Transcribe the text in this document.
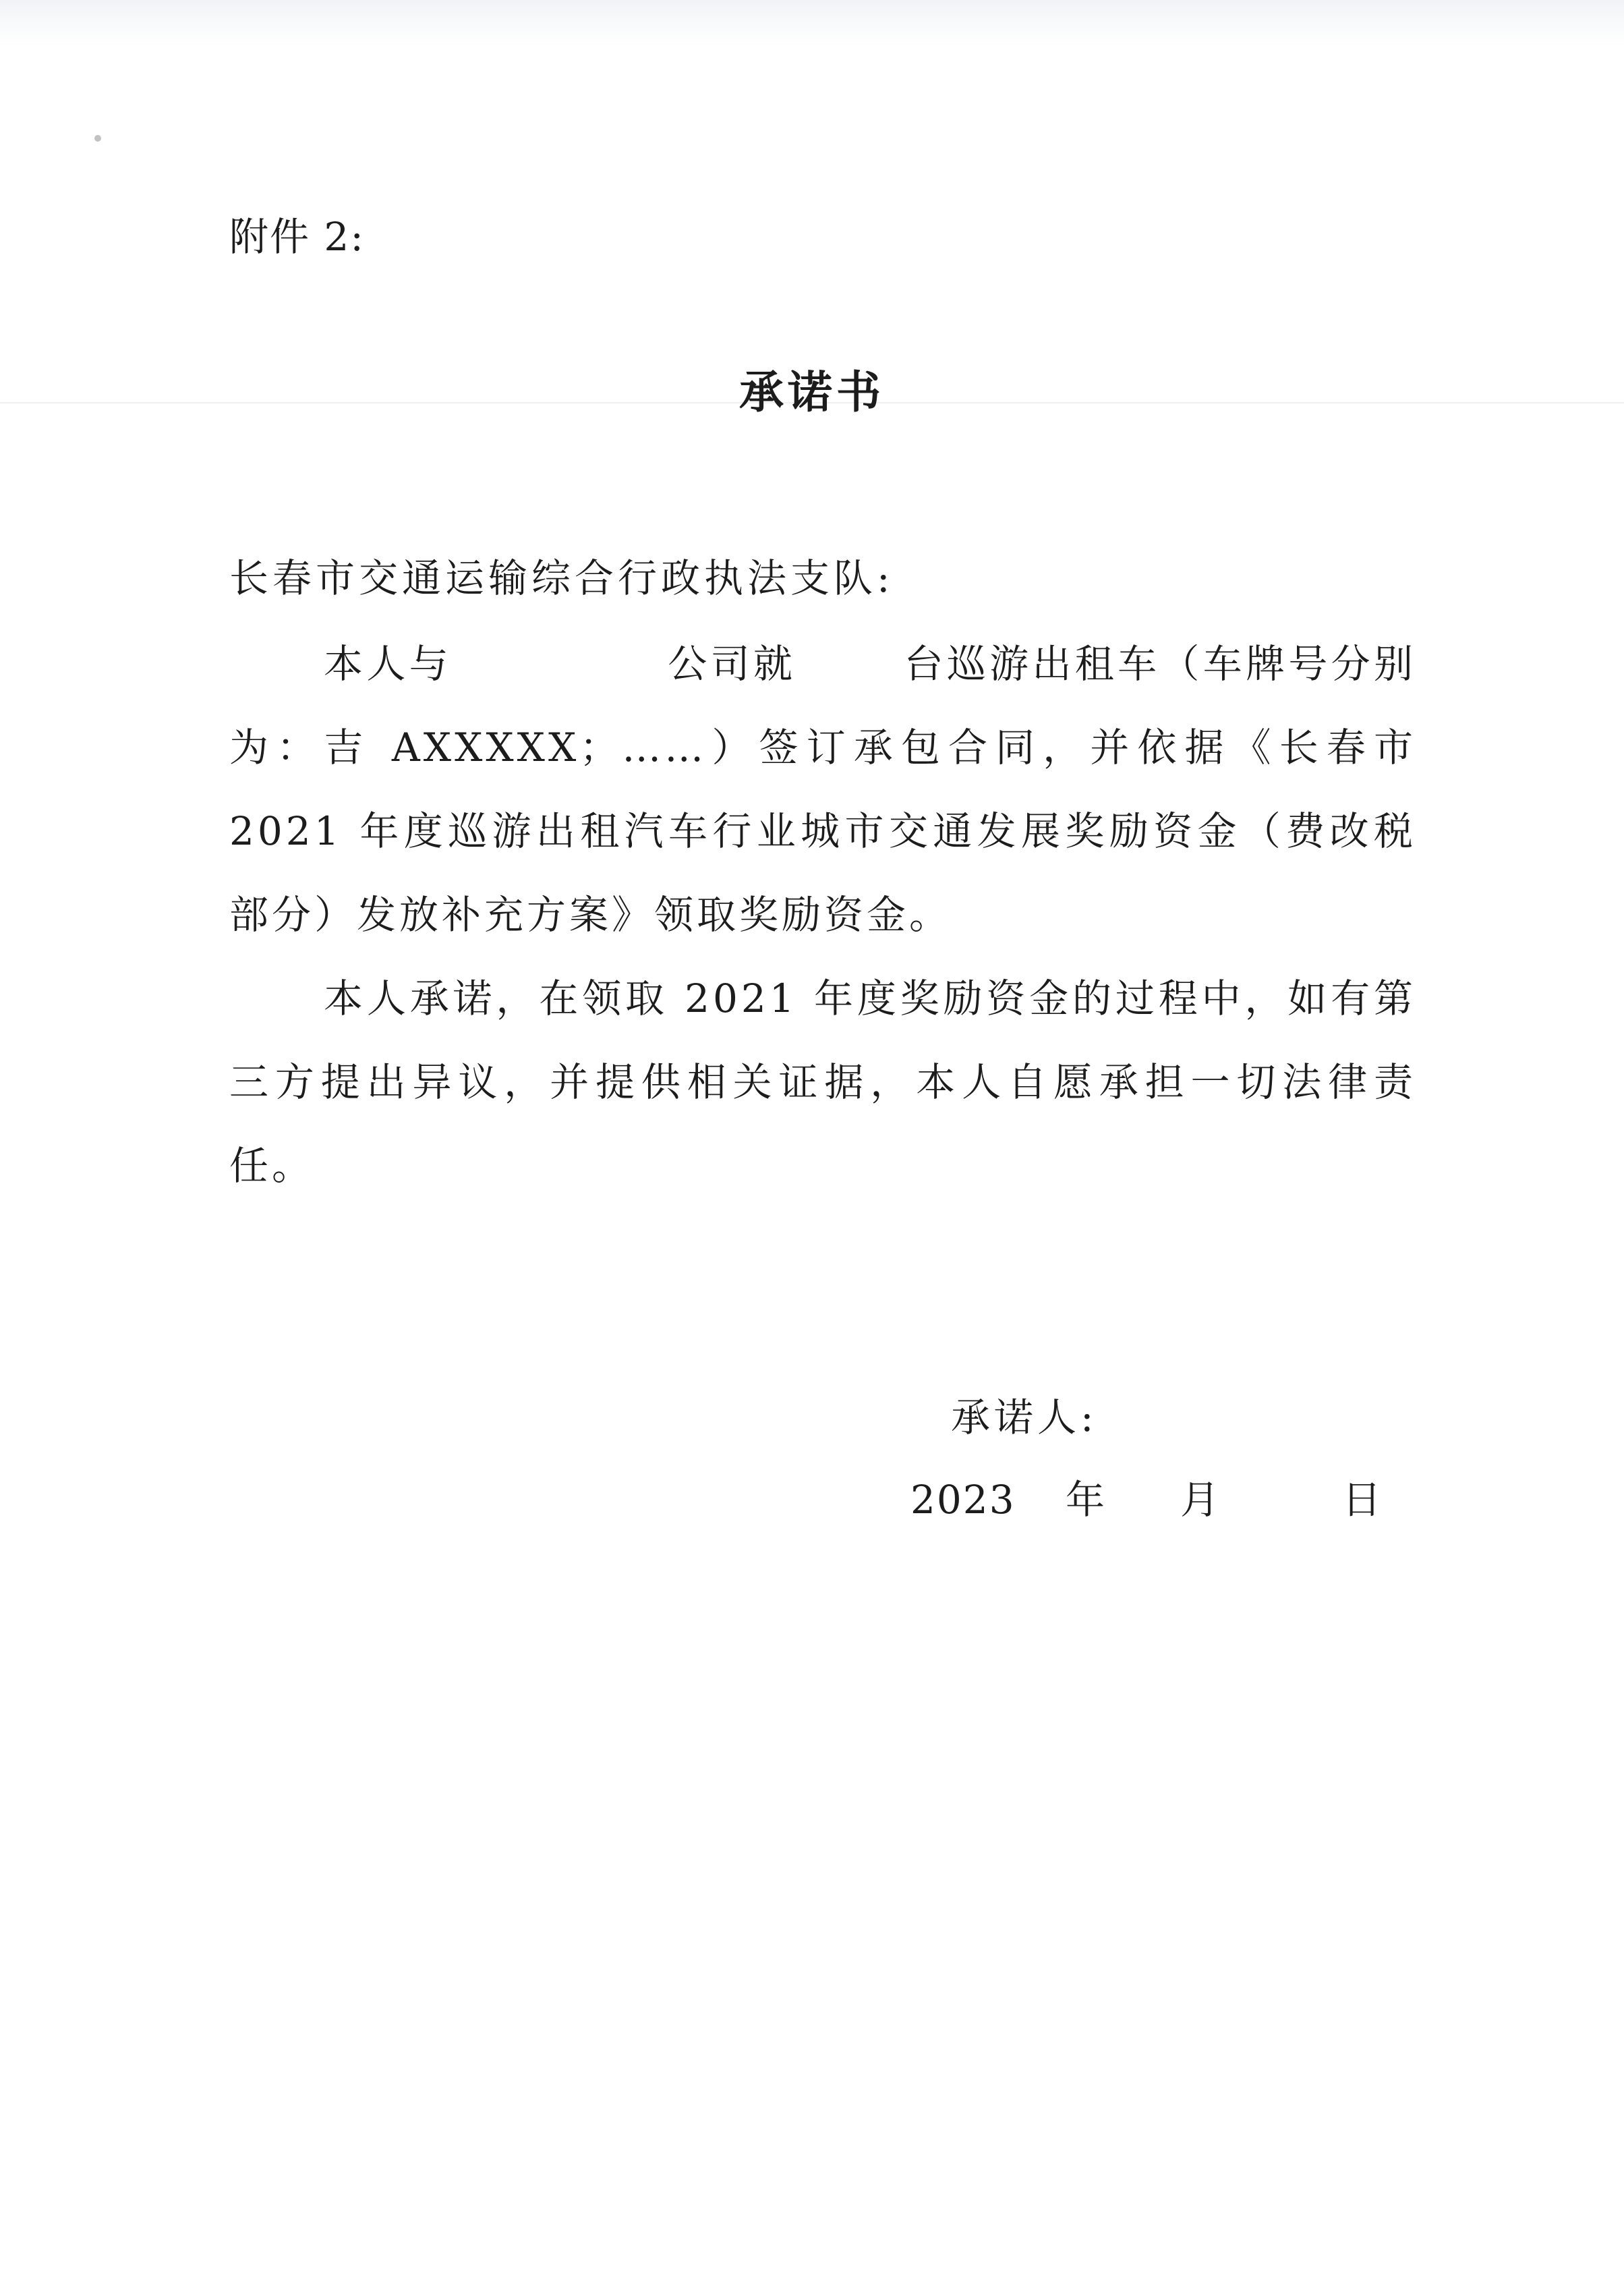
附件 2:
承诺书
长春市交通运输综合行政执法支队:
本人与	公司就	台巡游出租车（车牌号分别为：吉 AXXXXX；……）签订承包合同，并依据《长春市 2021 年度巡游出租汽车行业城市交通发展奖励资金（费改税部分）发放补充方案》领取奖励资金。
本人承诺，在领取 2021 年度奖励资金的过程中，如有第三方提出异议，并提供相关证据，本人自愿承担一切法律责任。
承诺人:
2023 年 月	日
